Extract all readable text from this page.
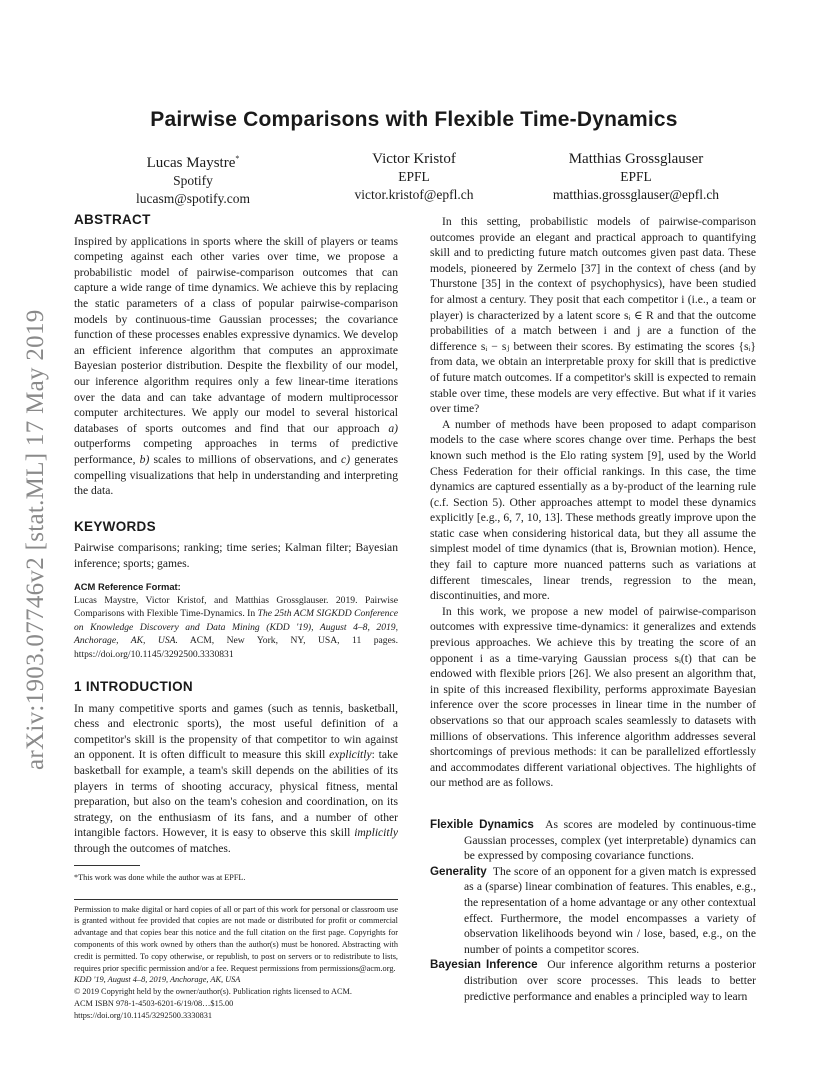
arXiv:1903.07746v2 [stat.ML] 17 May 2019
Pairwise Comparisons with Flexible Time-Dynamics
Lucas Maystre*
Spotify
lucasm@spotify.com
Victor Kristof
EPFL
victor.kristof@epfl.ch
Matthias Grossglauser
EPFL
matthias.grossglauser@epfl.ch
ABSTRACT

Inspired by applications in sports where the skill of players or teams competing against each other varies over time, we propose a probabilistic model of pairwise-comparison outcomes that can capture a wide range of time dynamics. We achieve this by replacing the static parameters of a class of popular pairwise-comparison models by continuous-time Gaussian processes; the covariance function of these processes enables expressive dynamics. We develop an efficient inference algorithm that computes an approximate Bayesian posterior distribution. Despite the flexbility of our model, our inference algorithm requires only a few linear-time iterations over the data and can take advantage of modern multiprocessor computer architectures. We apply our model to several historical databases of sports outcomes and find that our approach a) outperforms competing approaches in terms of predictive performance, b) scales to millions of observations, and c) generates compelling visualizations that help in understanding and interpreting the data.

KEYWORDS

Pairwise comparisons; ranking; time series; Kalman filter; Bayesian inference; sports; games.

ACM Reference Format:
Lucas Maystre, Victor Kristof, and Matthias Grossglauser. 2019. Pairwise Comparisons with Flexible Time-Dynamics. In The 25th ACM SIGKDD Conference on Knowledge Discovery and Data Mining (KDD '19), August 4–8, 2019, Anchorage, AK, USA. ACM, New York, NY, USA, 11 pages. https://doi.org/10.1145/3292500.3330831
1 INTRODUCTION

In many competitive sports and games (such as tennis, basketball, chess and electronic sports), the most useful definition of a competitor's skill is the propensity of that competitor to win against an opponent. It is often difficult to measure this skill explicitly: take basketball for example, a team's skill depends on the abilities of its players in terms of shooting accuracy, physical fitness, mental preparation, but also on the team's cohesion and coordination, on its strategy, on the enthusiasm of its fans, and a number of other intangible factors. However, it is easy to observe this skill implicitly through the outcomes of matches.

*This work was done while the author was at EPFL.
Permission to make digital or hard copies of all or part of this work for personal or classroom use is granted without fee provided that copies are not made or distributed for profit or commercial advantage and that copies bear this notice and the full citation on the first page. Copyrights for components of this work owned by others than the author(s) must be honored. Abstracting with credit is permitted. To copy otherwise, or republish, to post on servers or to redistribute to lists, requires prior specific permission and/or a fee. Request permissions from permissions@acm.org.
KDD '19, August 4–8, 2019, Anchorage, AK, USA
© 2019 Copyright held by the owner/author(s). Publication rights licensed to ACM.
ACM ISBN 978-1-4503-6201-6/19/08…$15.00
https://doi.org/10.1145/3292500.3330831

In this setting, probabilistic models of pairwise-comparison outcomes provide an elegant and practical approach to quantifying skill and to predicting future match outcomes given past data. These models, pioneered by Zermelo [37] in the context of chess (and by Thurstone [35] in the context of psychophysics), have been studied for almost a century. They posit that each competitor i (i.e., a team or player) is characterized by a latent score sᵢ ∈ R and that the outcome probabilities of a match between i and j are a function of the difference sᵢ − sⱼ between their scores. By estimating the scores {sᵢ} from data, we obtain an interpretable proxy for skill that is predictive of future match outcomes. If a competitor's skill is expected to remain stable over time, these models are very effective. But what if it varies over time?

A number of methods have been proposed to adapt comparison models to the case where scores change over time. Perhaps the best known such method is the Elo rating system [9], used by the World Chess Federation for their official rankings. In this case, the time dynamics are captured essentially as a by-product of the learning rule (c.f. Section 5). Other approaches attempt to model these dynamics explicitly [e.g., 6, 7, 10, 13]. These methods greatly improve upon the static case when considering historical data, but they all assume the simplest model of time dynamics (that is, Brownian motion). Hence, they fail to capture more nuanced patterns such as variations at different timescales, linear trends, regression to the mean, discontinuities, and more.

In this work, we propose a new model of pairwise-comparison outcomes with expressive time-dynamics: it generalizes and extends previous approaches. We achieve this by treating the score of an opponent i as a time-varying Gaussian process sᵢ(t) that can be endowed with flexible priors [26]. We also present an algorithm that, in spite of this increased flexibility, performs approximate Bayesian inference over the score processes in linear time in the number of observations so that our approach scales seamlessly to datasets with millions of observations. This inference algorithm addresses several shortcomings of previous methods: it can be parallelized effortlessly and accommodates different variational objectives. The highlights of our method are as follows.

Flexible Dynamics As scores are modeled by continuous-time Gaussian processes, complex (yet interpretable) dynamics can be expressed by composing covariance functions.

Generality The score of an opponent for a given match is expressed as a (sparse) linear combination of features. This enables, e.g., the representation of a home advantage or any other contextual effect. Furthermore, the model encompasses a variety of observation likelihoods beyond win / lose, based, e.g., on the number of points a competitor scores.

Bayesian Inference Our inference algorithm returns a posterior distribution over score processes. This leads to better predictive performance and enables a principled way to learn
